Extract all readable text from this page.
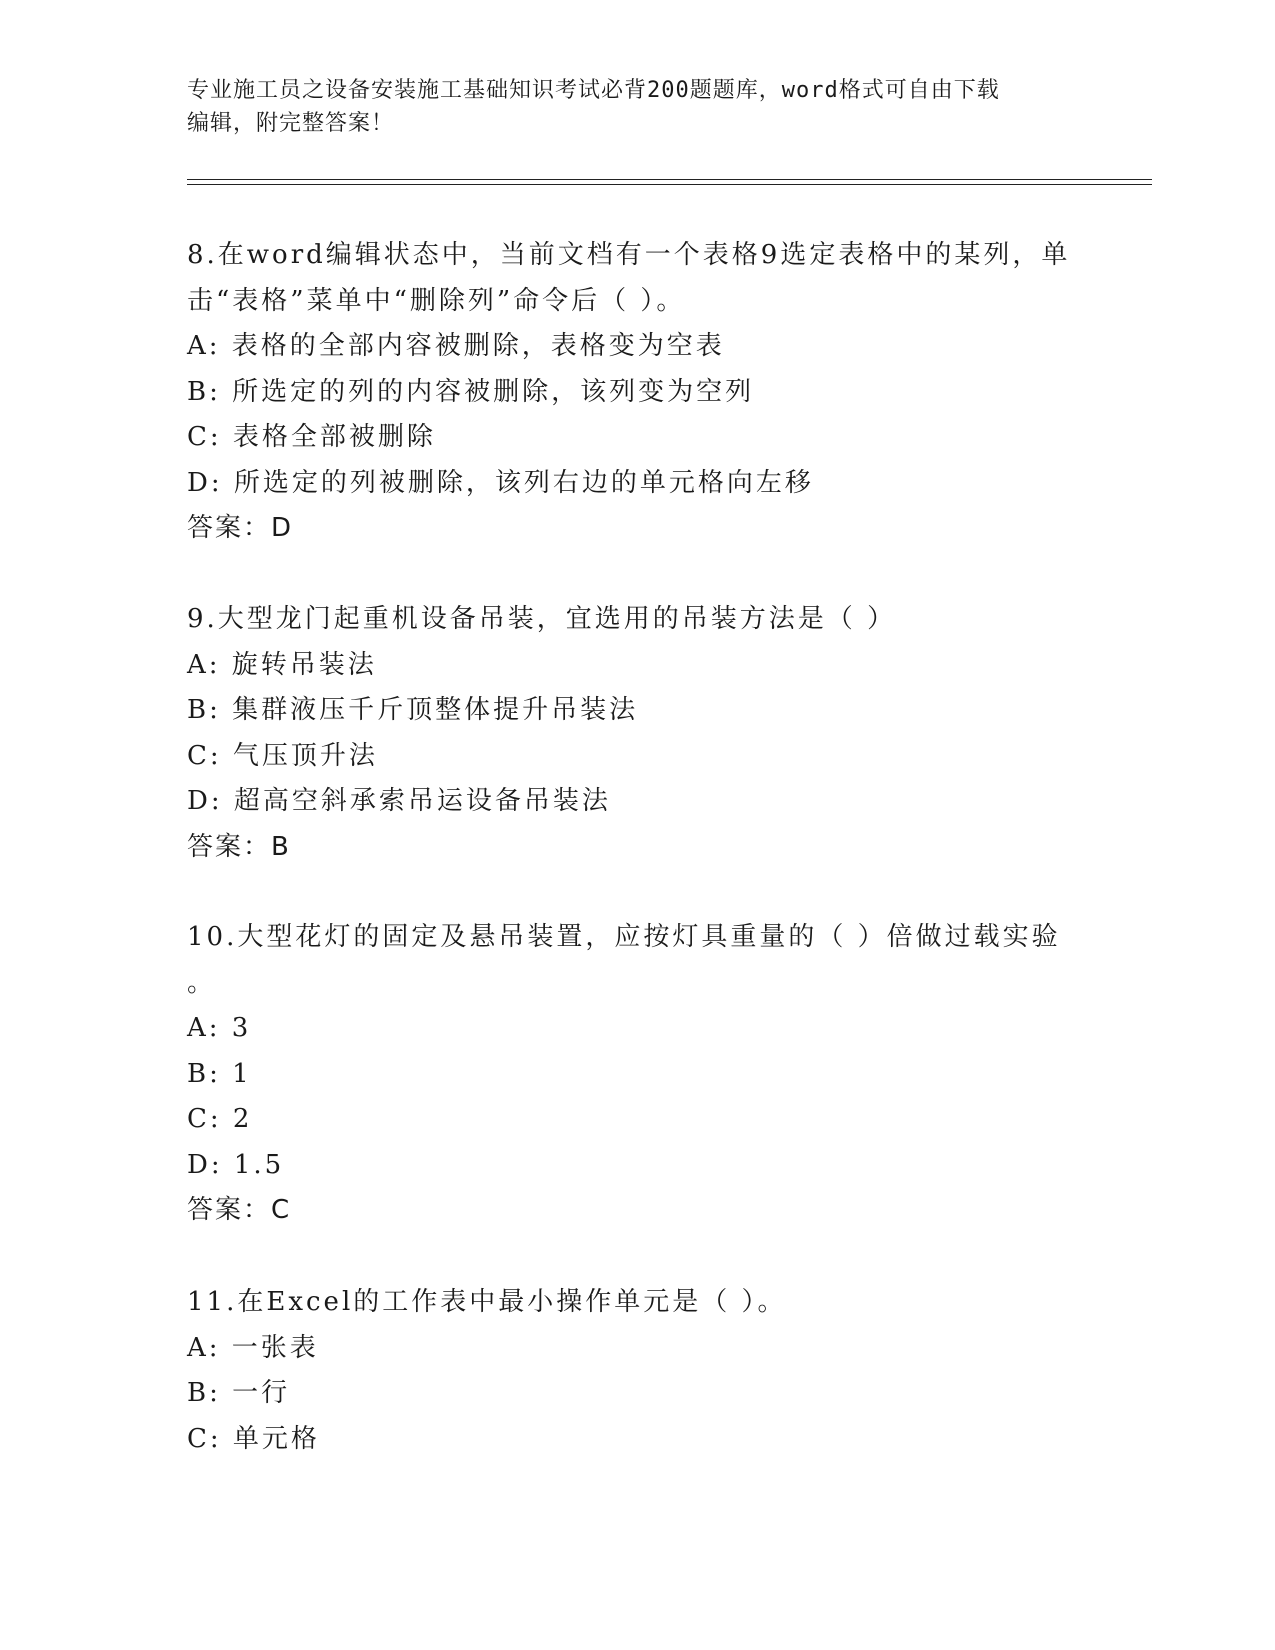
专业施工员之设备安装施工基础知识考试必背200题题库，word格式可自由下载
编辑，附完整答案！
8.在word编辑状态中，当前文档有一个表格9选定表格中的某列，单
击“表格”菜单中“删除列”命令后（ ）。
A: 表格的全部内容被删除，表格变为空表
B: 所选定的列的内容被删除，该列变为空列
C: 表格全部被删除
D: 所选定的列被删除，该列右边的单元格向左移
答案：D
9.大型龙门起重机设备吊装，宜选用的吊装方法是（ ）
A: 旋转吊装法
B: 集群液压千斤顶整体提升吊装法
C: 气压顶升法
D: 超高空斜承索吊运设备吊装法
答案：B
10.大型花灯的固定及悬吊装置，应按灯具重量的（ ）倍做过载实验
。
A: 3
B: 1
C: 2
D: 1.5
答案：C
11.在Excel的工作表中最小操作单元是（ ）。
A: 一张表
B: 一行
C: 单元格
